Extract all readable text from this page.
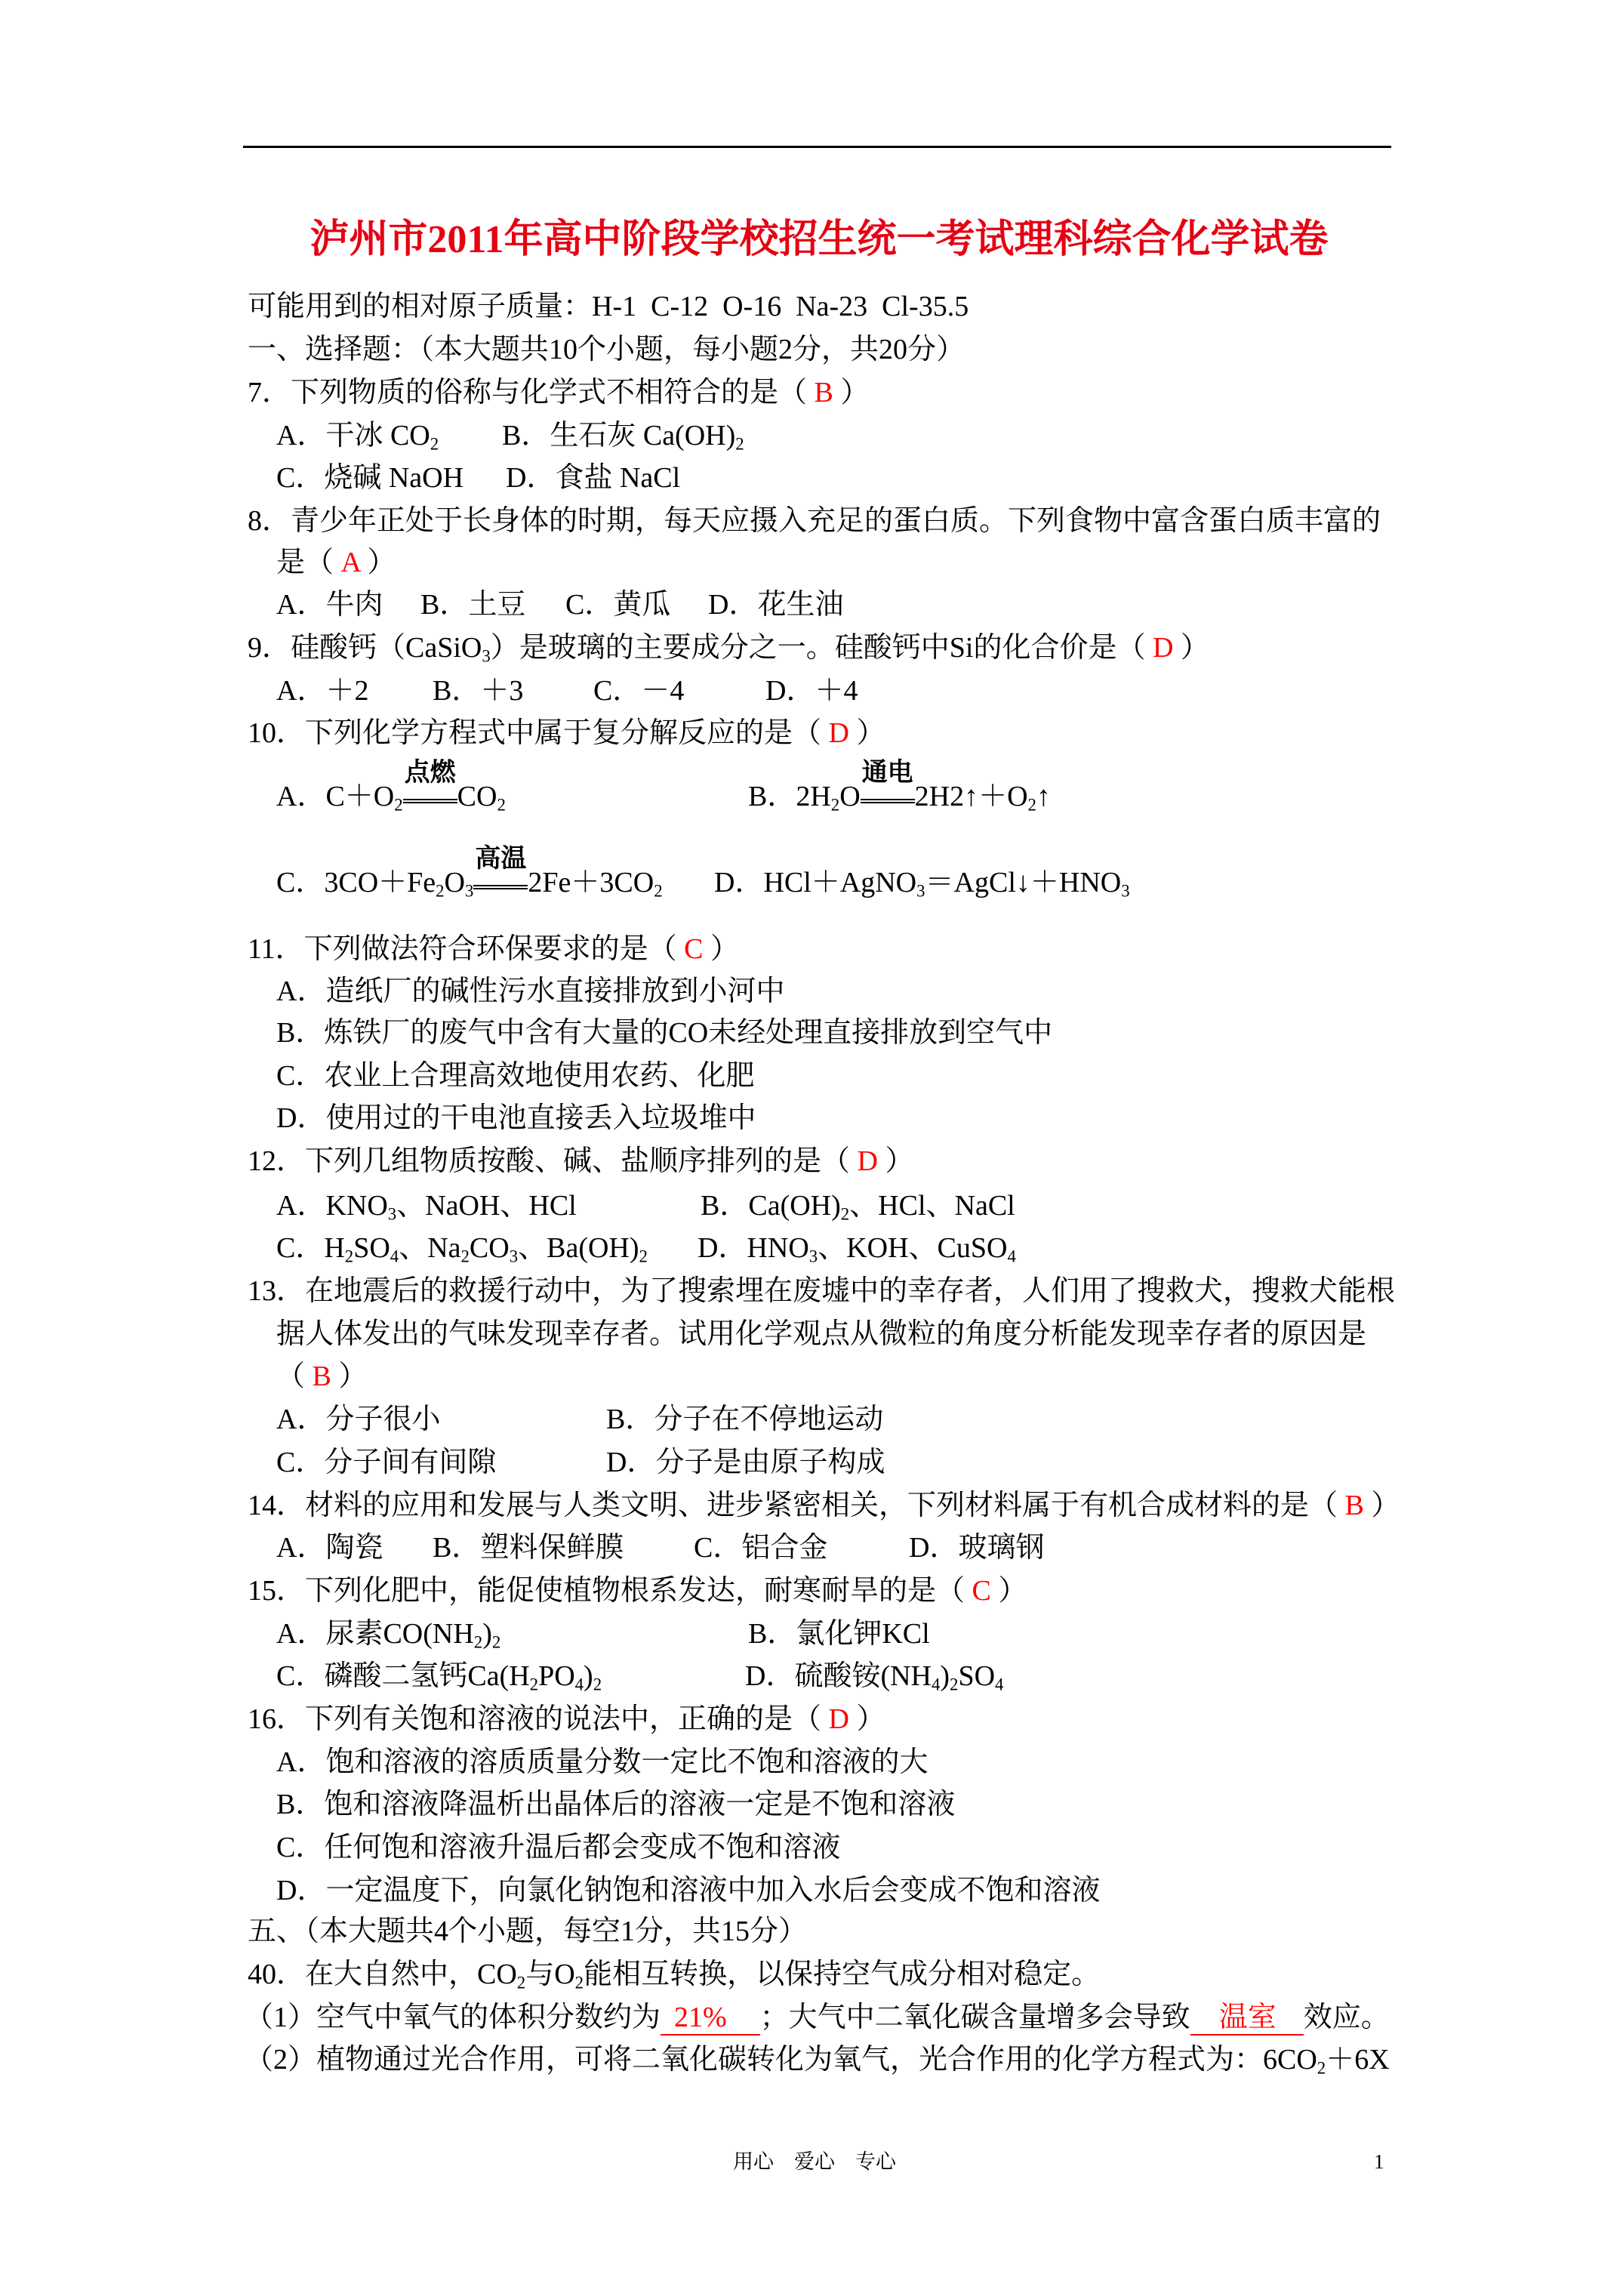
泸州市2011年高中阶段学校招生统一考试理科综合化学试卷
可能用到的相对原子质量：H-1  C-12  O-16  Na-23  Cl-35.5
一、选择题：（本大题共10个小题，每小题2分，共20分）
7．下列物质的俗称与化学式不相符合的是（ B ）
A．干冰 $CO_2$ B．生石灰 $Ca(OH)_2$
C．烧碱 NaOH D．食盐 NaCl
8．青少年正处于长身体的时期，每天应摄入充足的蛋白质。下列食物中富含蛋白质丰富的
是（ A ）
A．牛肉 B．土豆 C．黄瓜 D．花生油
9．硅酸钙（CaSiO$_3$）是玻璃的主要成分之一。硅酸钙中Si的化合价是（ D ）
A．＋2 B．＋3 C．－4	D．＋4
10．下列化学方程式中属于复分解反应的是（ D ）
A．$C+O_2$
点燃
$CO_2$	B．$2H_2O$
通电
$2H2↑+O_2↑$
C．$3CO+Fe_2O_3$
高温
$2Fe+3CO_2$ D．$HCl+AgNO_3=AgCl↓+HNO_3$
11．下列做法符合环保要求的是（ C ）
A．造纸厂的碱性污水直接排放到小河中
B．炼铁厂的废气中含有大量的CO未经处理直接排放到空气中
C．农业上合理高效地使用农药、化肥
D．使用过的干电池直接丢入垃圾堆中
12．下列几组物质按酸、碱、盐顺序排列的是（ D ）
A．$KNO_3$、NaOH、HCl	B．$Ca(OH)_2$、HCl、NaCl
C．$H_2SO_4$、$Na_2CO_3$、$Ba(OH)_2$ D．$HNO_3$、KOH、CuSO$_4$
13．在地震后的救援行动中，为了搜索埋在废墟中的幸存者，人们用了搜救犬，搜救犬能根
据人体发出的气味发现幸存者。试用化学观点从微粒的角度分析能发现幸存者的原因是
（ B ）
A．分子很小	B．分子在不停地运动
C．分子间有间隙	D．分子是由原子构成
14．材料的应用和发展与人类文明、进步紧密相关，下列材料属于有机合成材料的是（ B ）
A．陶瓷 B．塑料保鲜膜 C．铝合金	D．玻璃钢
15．下列化肥中，能促使植物根系发达，耐寒耐旱的是（ C ）
A．尿素$CO(NH_2)_2$	B．氯化钾KCl
C．磷酸二氢钙$Ca(H_2PO_4)_2$	D．硫酸铵$(NH_4)_2SO_4$
16．下列有关饱和溶液的说法中，正确的是（ D ）
A．饱和溶液的溶质质量分数一定比不饱和溶液的大
B．饱和溶液降温析出晶体后的溶液一定是不饱和溶液
C．任何饱和溶液升温后都会变成不饱和溶液
D．一定温度下，向氯化钠饱和溶液中加入水后会变成不饱和溶液
五、（本大题共4个小题，每空1分，共15分）
40．在大自然中，$CO_2$与$O_2$能相互转换，以保持空气成分相对稳定。
（1）空气中氧气的体积分数约为 21% ；大气中二氧化碳含量增多会导致 温室 效应。
（2）植物通过光合作用，可将二氧化碳转化为氧气，光合作用的化学方程式为：$6CO_2+6X$
用心　爱心　专心	1
